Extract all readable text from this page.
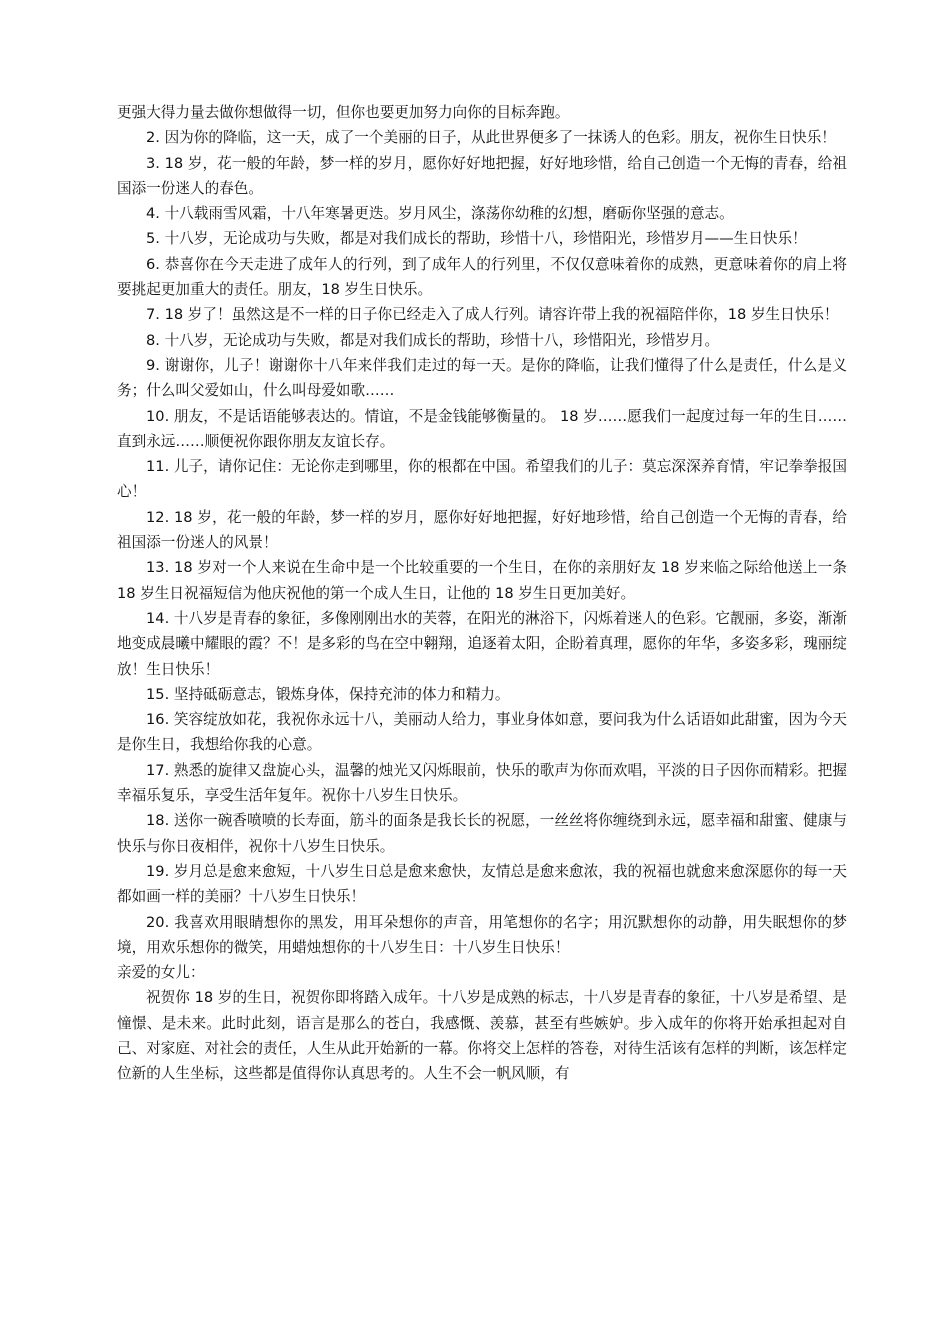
更强大得力量去做你想做得一切，但你也要更加努力向你的目标奔跑。

2. 因为你的降临，这一天，成了一个美丽的日子，从此世界便多了一抹诱人的色彩。朋友，祝你生日快乐！

3. 18 岁，花一般的年龄，梦一样的岁月，愿你好好地把握，好好地珍惜，给自己创造一个无悔的青春，给祖国添一份迷人的春色。

4. 十八载雨雪风霜，十八年寒暑更迭。岁月风尘，涤荡你幼稚的幻想，磨砺你坚强的意志。

5. 十八岁，无论成功与失败，都是对我们成长的帮助，珍惜十八，珍惜阳光，珍惜岁月——生日快乐！

6. 恭喜你在今天走进了成年人的行列，到了成年人的行列里，不仅仅意味着你的成熟，更意味着你的肩上将要挑起更加重大的责任。朋友，18 岁生日快乐。

7. 18 岁了！虽然这是不一样的日子你已经走入了成人行列。请容许带上我的祝福陪伴你，18 岁生日快乐！

8. 十八岁，无论成功与失败，都是对我们成长的帮助，珍惜十八，珍惜阳光，珍惜岁月。

9. 谢谢你，儿子！谢谢你十八年来伴我们走过的每一天。是你的降临，让我们懂得了什么是责任，什么是义务；什么叫父爱如山，什么叫母爱如歌……

10. 朋友，不是话语能够表达的。情谊，不是金钱能够衡量的。 18 岁……愿我们一起度过每一年的生日……直到永远……顺便祝你跟你朋友友谊长存。

11. 儿子，请你记住：无论你走到哪里，你的根都在中国。希望我们的儿子：莫忘深深养育情，牢记拳拳报国心！

12. 18 岁，花一般的年龄，梦一样的岁月，愿你好好地把握，好好地珍惜，给自己创造一个无悔的青春，给祖国添一份迷人的风景！

13. 18 岁对一个人来说在生命中是一个比较重要的一个生日，在你的亲朋好友 18 岁来临之际给他送上一条 18 岁生日祝福短信为他庆祝他的第一个成人生日，让他的 18 岁生日更加美好。

14. 十八岁是青春的象征，多像刚刚出水的芙蓉，在阳光的淋浴下，闪烁着迷人的色彩。它靓丽，多姿，渐渐地变成晨曦中耀眼的霞？不！是多彩的鸟在空中翱翔，追逐着太阳，企盼着真理，愿你的年华，多姿多彩，瑰丽绽放！生日快乐！

15. 坚持砥砺意志，锻炼身体，保持充沛的体力和精力。

16. 笑容绽放如花，我祝你永远十八，美丽动人给力，事业身体如意，要问我为什么话语如此甜蜜，因为今天是你生日，我想给你我的心意。

17. 熟悉的旋律又盘旋心头，温馨的烛光又闪烁眼前，快乐的歌声为你而欢唱，平淡的日子因你而精彩。把握幸福乐复乐，享受生活年复年。祝你十八岁生日快乐。

18. 送你一碗香喷喷的长寿面，筋斗的面条是我长长的祝愿，一丝丝将你缠绕到永远，愿幸福和甜蜜、健康与快乐与你日夜相伴，祝你十八岁生日快乐。

19. 岁月总是愈来愈短，十八岁生日总是愈来愈快，友情总是愈来愈浓，我的祝福也就愈来愈深愿你的每一天都如画一样的美丽？十八岁生日快乐！

20. 我喜欢用眼睛想你的黑发，用耳朵想你的声音，用笔想你的名字；用沉默想你的动静，用失眠想你的梦境，用欢乐想你的微笑，用蜡烛想你的十八岁生日：十八岁生日快乐！

亲爱的女儿：

祝贺你 18 岁的生日，祝贺你即将踏入成年。十八岁是成熟的标志，十八岁是青春的象征，十八岁是希望、是憧憬、是未来。此时此刻，语言是那么的苍白，我感慨、羡慕，甚至有些嫉妒。步入成年的你将开始承担起对自己、对家庭、对社会的责任，人生从此开始新的一幕。你将交上怎样的答卷，对待生活该有怎样的判断，该怎样定位新的人生坐标，这些都是值得你认真思考的。人生不会一帆风顺，有
